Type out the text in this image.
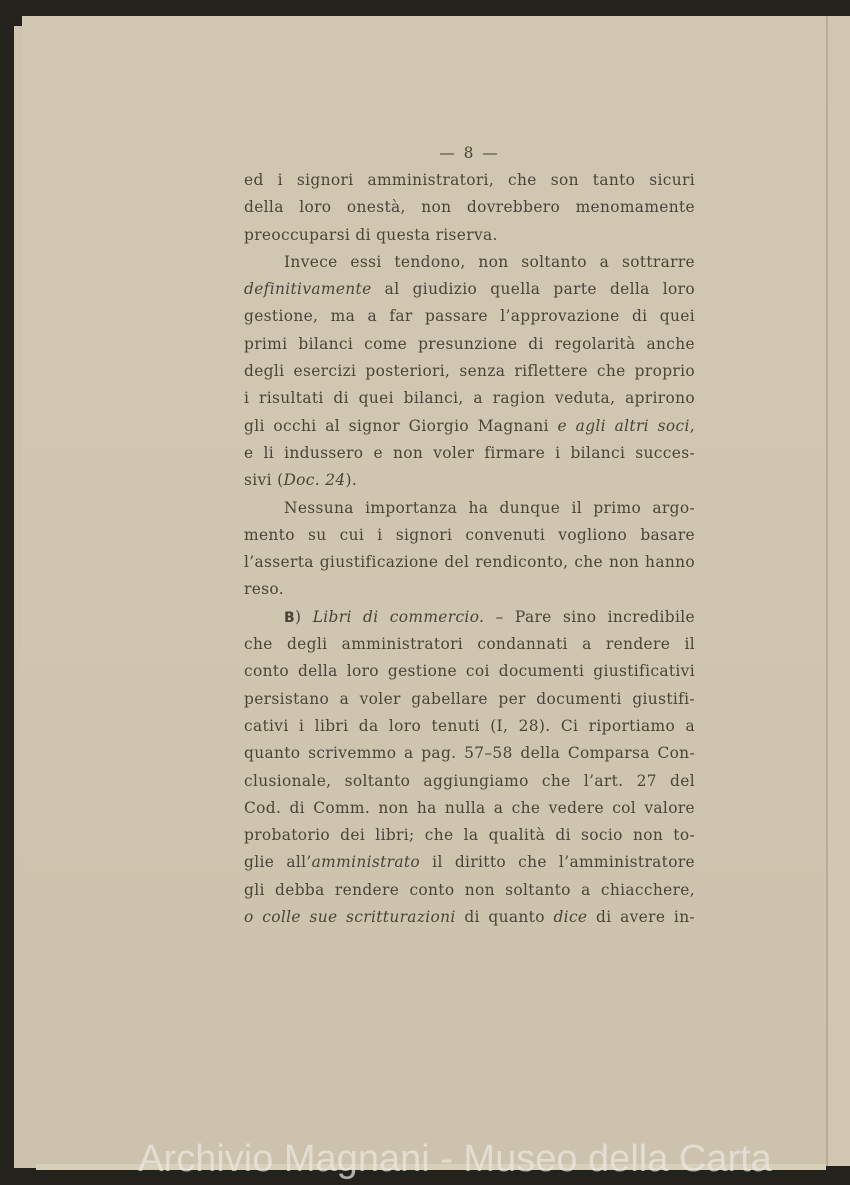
— 8 —
ed i signori amministratori, che son tanto sicuri
della loro onestà, non dovrebbero menomamente
preoccuparsi di questa riserva.
Invece essi tendono, non soltanto a sottrarre
definitivamente al giudizio quella parte della loro
gestione, ma a far passare l’approvazione di quei
primi bilanci come presunzione di regolarità anche
degli esercizi posteriori, senza riflettere che proprio
i risultati di quei bilanci, a ragion veduta, aprirono
gli occhi al signor Giorgio Magnani e agli altri soci,
e li indussero e non voler firmare i bilanci succes-
sivi (Doc. 24).
Nessuna importanza ha dunque il primo argo-
mento su cui i signori convenuti vogliono basare
l’asserta giustificazione del rendiconto, che non hanno
reso.
B) Libri di commercio. – Pare sino incredibile
che degli amministratori condannati a rendere il
conto della loro gestione coi documenti giustificativi
persistano a voler gabellare per documenti giustifi-
cativi i libri da loro tenuti (I, 28). Ci riportiamo a
quanto scrivemmo a pag. 57–58 della Comparsa Con-
clusionale, soltanto aggiungiamo che l’art. 27 del
Cod. di Comm. non ha nulla a che vedere col valore
probatorio dei libri; che la qualità di socio non to-
glie all’amministrato il diritto che l’amministratore
gli debba rendere conto non soltanto a chiacchere,
o colle sue scritturazioni di quanto dice di avere in-
Archivio Magnani - Museo della Carta
